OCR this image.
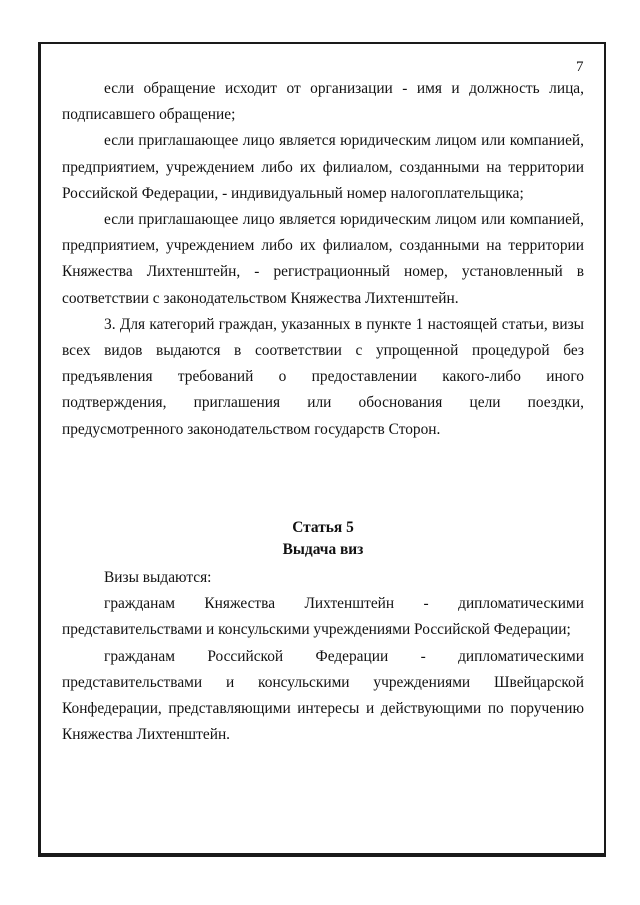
7

если обращение исходит от организации - имя и должность лица, подписавшего обращение;

если приглашающее лицо является юридическим лицом или компанией, предприятием, учреждением либо их филиалом, созданными на территории Российской Федерации, - индивидуальный номер налогоплательщика;

если приглашающее лицо является юридическим лицом или компанией, предприятием, учреждением либо их филиалом, созданными на территории Княжества Лихтенштейн, - регистрационный номер, установленный в соответствии с законодательством Княжества Лихтенштейн.

3. Для категорий граждан, указанных в пункте 1 настоящей статьи, визы всех видов выдаются в соответствии с упрощенной процедурой без предъявления требований о предоставлении какого-либо иного подтверждения, приглашения или обоснования цели поездки, предусмотренного законодательством государств Сторон.

Статья 5

Выдача виз

Визы выдаются:

гражданам Княжества Лихтенштейн - дипломатическими представительствами и консульскими учреждениями Российской Федерации;

гражданам Российской Федерации - дипломатическими представительствами и консульскими учреждениями Швейцарской Конфедерации, представляющими интересы и действующими по поручению Княжества Лихтенштейн.
